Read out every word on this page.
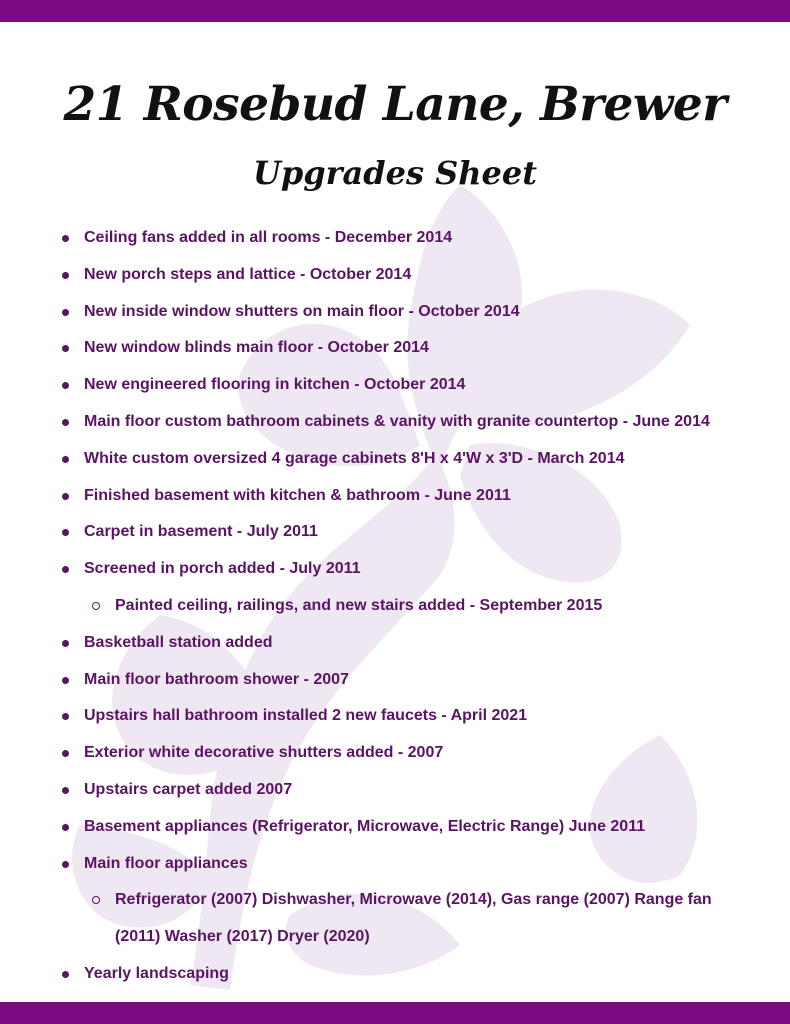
21 Rosebud Lane, Brewer
Upgrades Sheet
Ceiling fans added in all rooms - December 2014
New porch steps and lattice - October 2014
New inside window shutters on main floor - October 2014
New window blinds main floor - October 2014
New engineered flooring in kitchen - October 2014
Main floor custom bathroom cabinets & vanity with granite countertop - June 2014
White custom oversized 4 garage cabinets 8'H x 4'W x 3'D - March 2014
Finished basement with kitchen & bathroom - June 2011
Carpet in basement - July 2011
Screened in porch added - July 2011
Painted ceiling, railings, and new stairs added - September 2015
Basketball station added
Main floor bathroom shower - 2007
Upstairs hall bathroom installed 2 new faucets - April 2021
Exterior white decorative shutters added - 2007
Upstairs carpet added 2007
Basement appliances (Refrigerator, Microwave, Electric Range) June 2011
Main floor appliances
Refrigerator (2007) Dishwasher, Microwave (2014), Gas range (2007) Range fan
(2011) Washer (2017) Dryer (2020)
Yearly landscaping
